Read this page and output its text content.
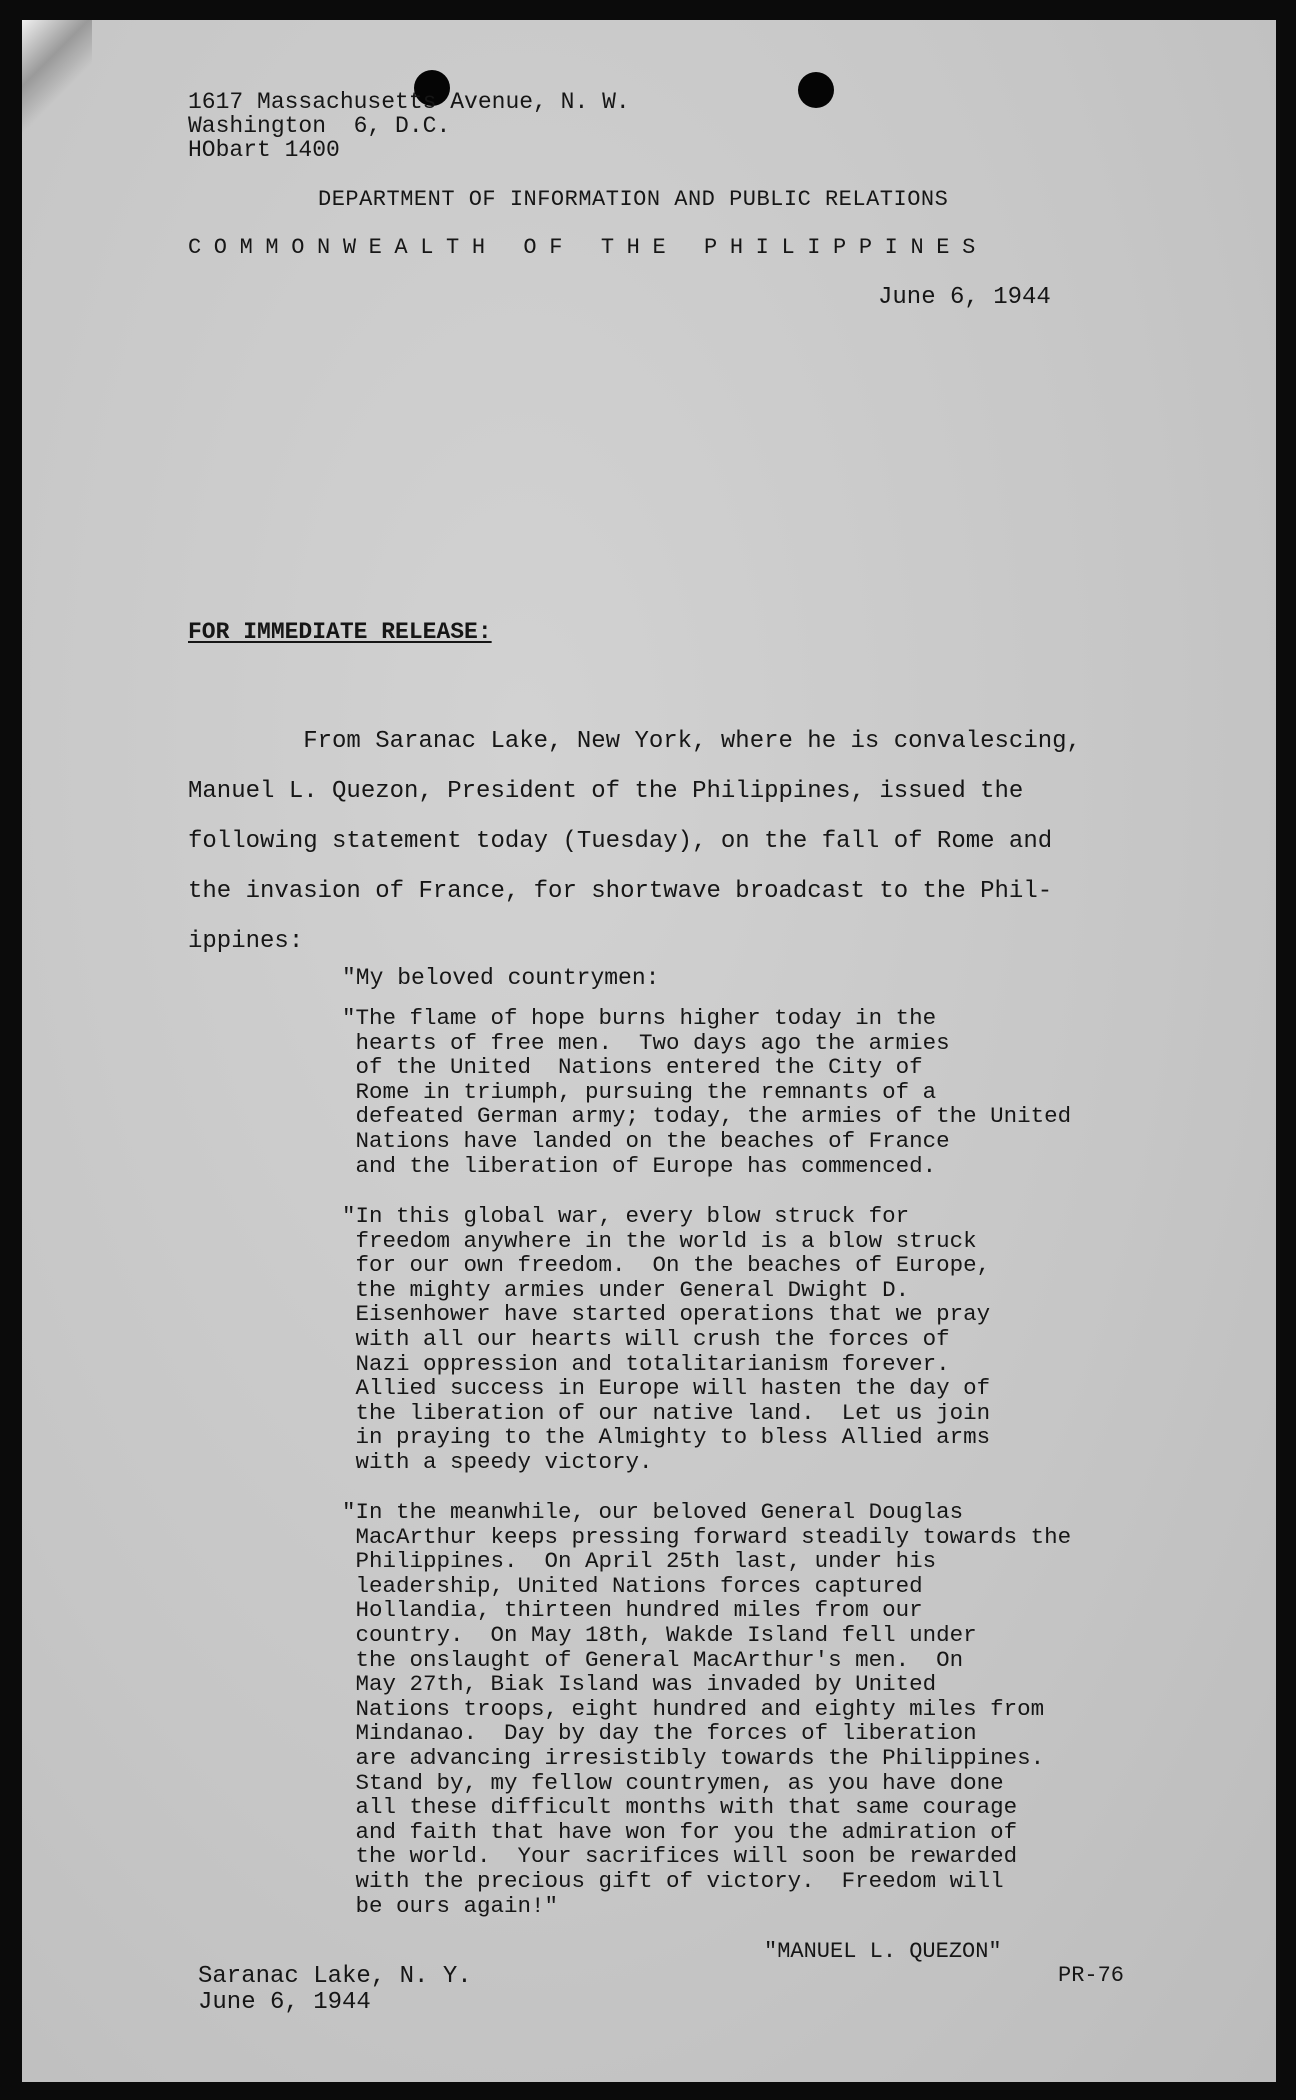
1617 Massachusetts Avenue, N. W.
Washington  6, D.C.
HObart 1400
DEPARTMENT OF INFORMATION AND PUBLIC RELATIONS
COMMONWEALTH OF THE PHILIPPINES
June 6, 1944
FOR IMMEDIATE RELEASE:
From Saranac Lake, New York, where he is convalescing,
Manuel L. Quezon, President of the Philippines, issued the
following statement today (Tuesday), on the fall of Rome and
the invasion of France, for shortwave broadcast to the Phil-
ippines:
"My beloved countrymen:
"The flame of hope burns higher today in the
hearts of free men.  Two days ago the armies
of the United  Nations entered the City of
Rome in triumph, pursuing the remnants of a
defeated German army; today, the armies of the United
Nations have landed on the beaches of France
and the liberation of Europe has commenced.
"In this global war, every blow struck for
freedom anywhere in the world is a blow struck
for our own freedom.  On the beaches of Europe,
the mighty armies under General Dwight D.
Eisenhower have started operations that we pray
with all our hearts will crush the forces of
Nazi oppression and totalitarianism forever.
Allied success in Europe will hasten the day of
the liberation of our native land.  Let us join
in praying to the Almighty to bless Allied arms
with a speedy victory.
"In the meanwhile, our beloved General Douglas
MacArthur keeps pressing forward steadily towards the
Philippines.  On April 25th last, under his
leadership, United Nations forces captured
Hollandia, thirteen hundred miles from our
country.  On May 18th, Wakde Island fell under
the onslaught of General MacArthur's men.  On
May 27th, Biak Island was invaded by United
Nations troops, eight hundred and eighty miles from
Mindanao.  Day by day the forces of liberation
are advancing irresistibly towards the Philippines.
Stand by, my fellow countrymen, as you have done
all these difficult months with that same courage
and faith that have won for you the admiration of
the world.  Your sacrifices will soon be rewarded
with the precious gift of victory.  Freedom will
be ours again!"
"MANUEL L. QUEZON"
Saranac Lake, N. Y.
June 6, 1944
PR-76
